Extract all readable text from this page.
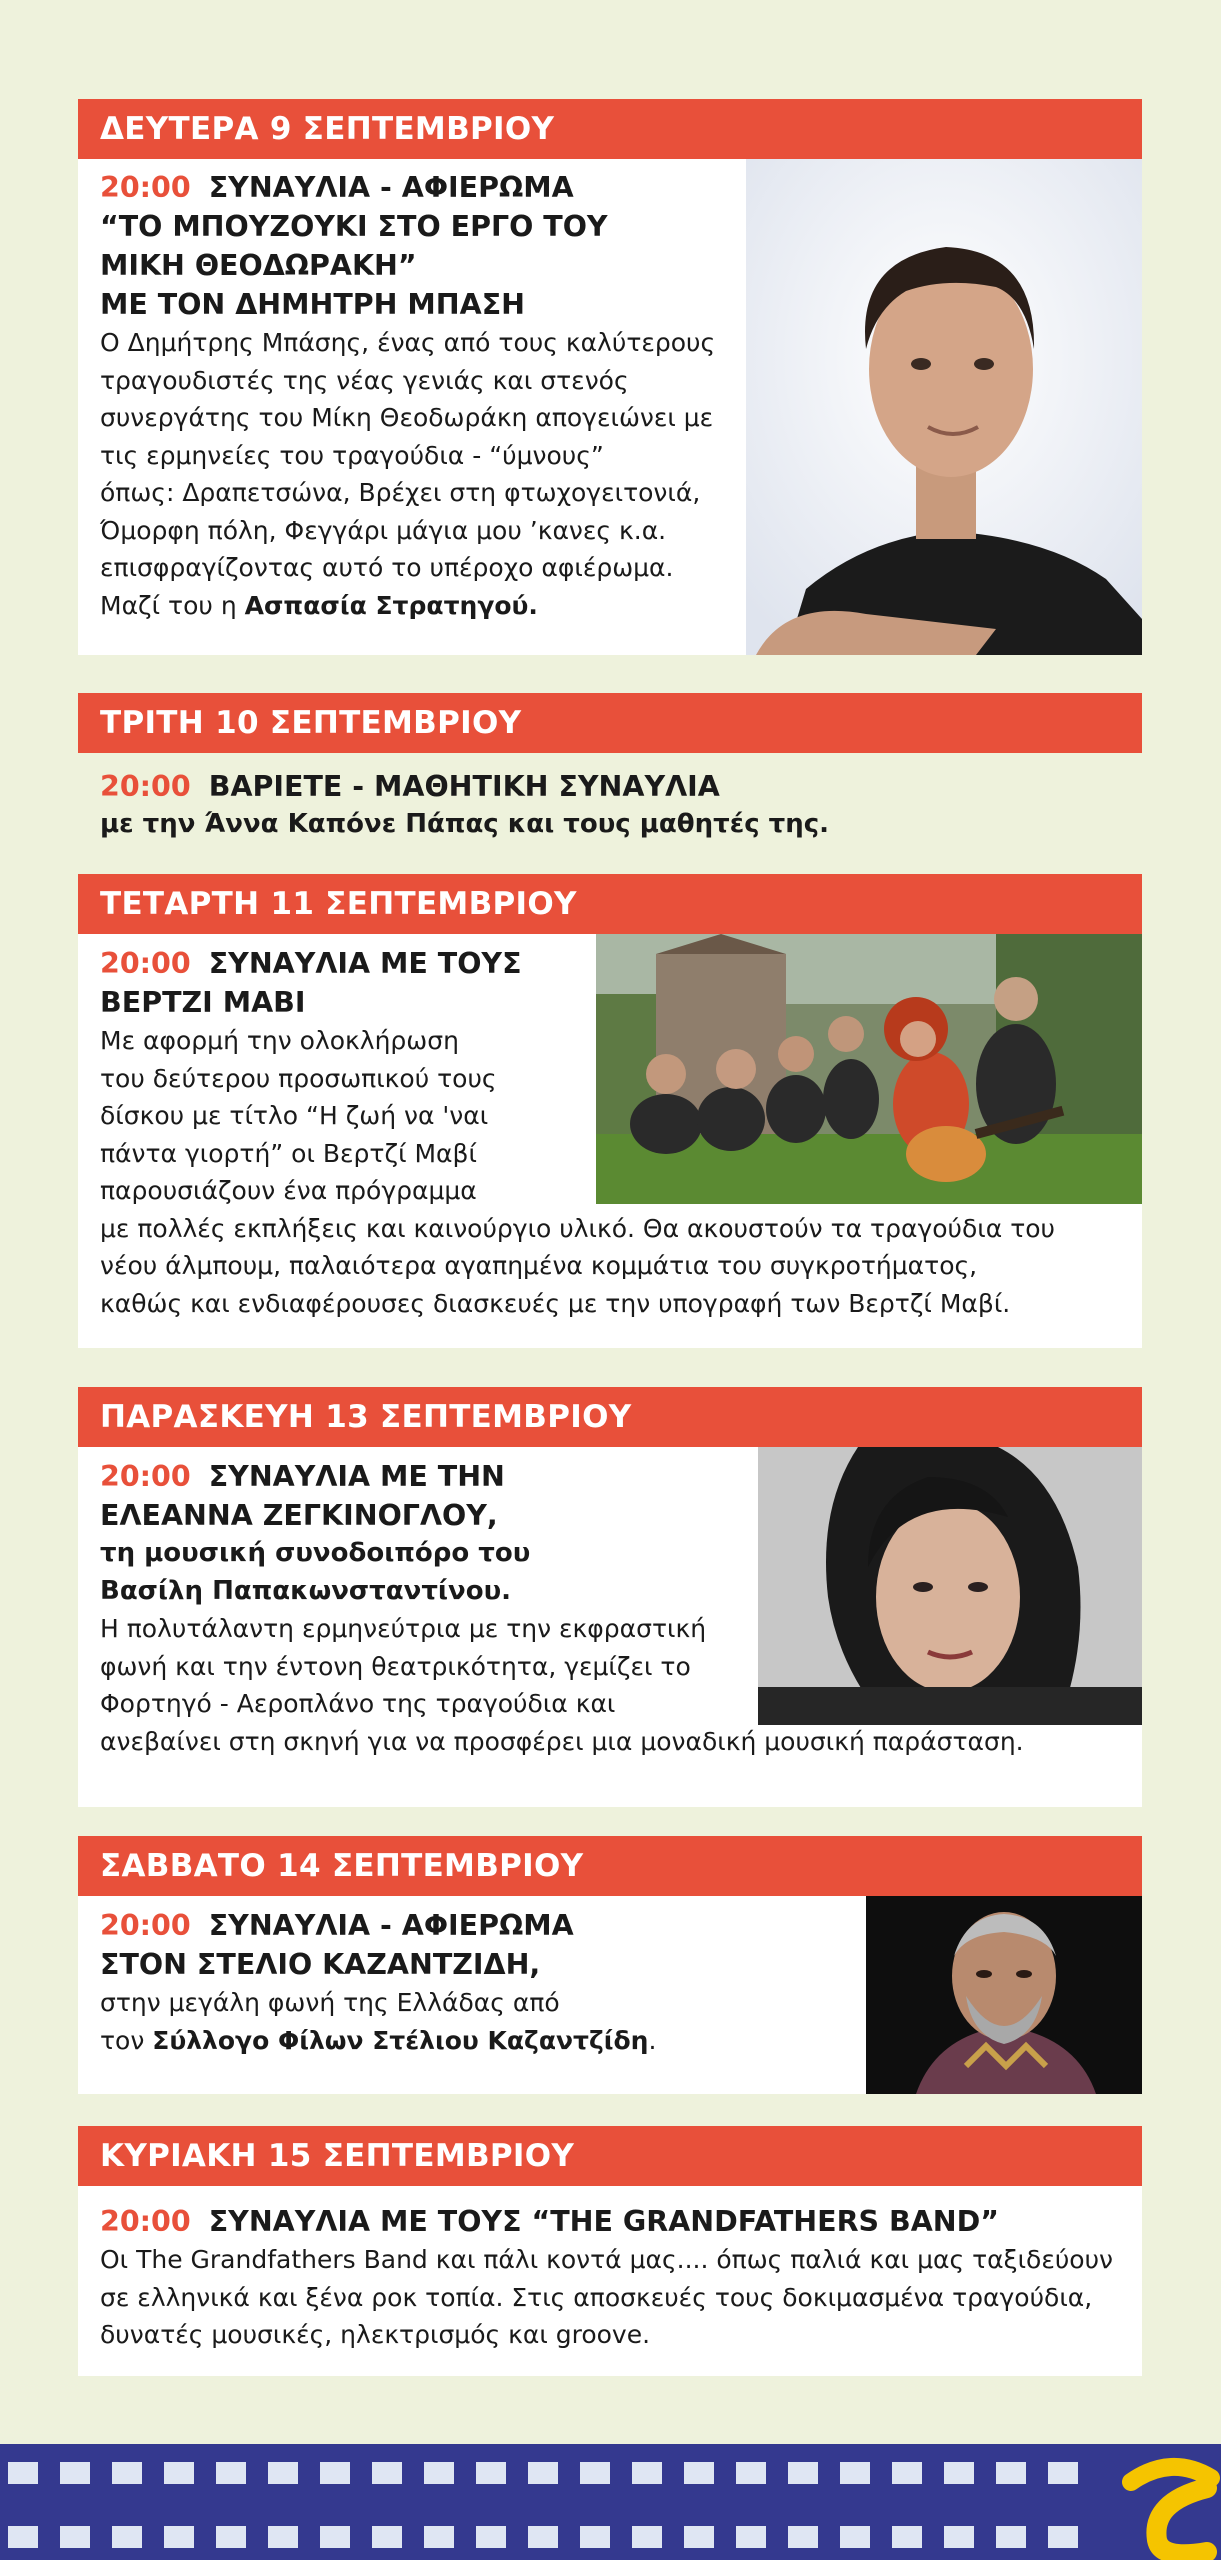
ΔΕΥΤΕΡΑ 9 ΣΕΠΤΕΜΒΡΙΟΥ
20:00 ΣΥΝΑΥΛΙΑ - ΑΦΙΕΡΩΜΑ
“ΤΟ ΜΠΟΥΖΟΥΚΙ ΣΤΟ ΕΡΓΟ ΤΟΥ
ΜΙΚΗ ΘΕΟΔΩΡΑΚΗ”
ΜΕ ΤΟΝ ΔΗΜΗΤΡΗ ΜΠΑΣΗ
Ο Δημήτρης Μπάσης, ένας από τους καλύτερους
τραγουδιστές της νέας γενιάς και στενός
συνεργάτης του Μίκη Θεοδωράκη απογειώνει με
τις ερμηνείες του τραγούδια - “ύμνους”
όπως: Δραπετσώνα, Βρέχει στη φτωχογειτονιά,
Όμορφη πόλη, Φεγγάρι μάγια μου ’κανες κ.α.
επισφραγίζοντας αυτό το υπέροχο αφιέρωμα.
Μαζί του η Ασπασία Στρατηγού.
ΤΡΙΤΗ 10 ΣΕΠΤΕΜΒΡΙΟΥ
20:00 ΒΑΡΙΕΤΕ - ΜΑΘΗΤΙΚΗ ΣΥΝΑΥΛΙΑ
με την Άννα Καπόνε Πάπας και τους μαθητές της.
ΤΕΤΑΡΤΗ 11 ΣΕΠΤΕΜΒΡΙΟΥ
20:00 ΣΥΝΑΥΛΙΑ ΜΕ ΤΟΥΣ
ΒΕΡΤΖΙ ΜΑΒΙ
Με αφορμή την ολοκλήρωση
του δεύτερου προσωπικού τους
δίσκου με τίτλο “Η ζωή να 'ναι
πάντα γιορτή” οι Βερτζί Μαβί
παρουσιάζουν ένα πρόγραμμα
με πολλές εκπλήξεις και καινούργιο υλικό. Θα ακουστούν τα τραγούδια του
νέου άλμπουμ, παλαιότερα αγαπημένα κομμάτια του συγκροτήματος,
καθώς και ενδιαφέρουσες διασκευές με την υπογραφή των Βερτζί Μαβί.
ΠΑΡΑΣΚΕΥΗ 13 ΣΕΠΤΕΜΒΡΙΟΥ
20:00 ΣΥΝΑΥΛΙΑ ΜΕ ΤΗΝ
ΕΛΕΑΝΝΑ ΖΕΓΚΙΝΟΓΛΟΥ,
τη μουσική συνοδοιπόρο του
Βασίλη Παπακωνσταντίνου.
Η πολυτάλαντη ερμηνεύτρια με την εκφραστική
φωνή και την έντονη θεατρικότητα, γεμίζει το
Φορτηγό - Αεροπλάνο της τραγούδια και
ανεβαίνει στη σκηνή για να προσφέρει μια μοναδική μουσική παράσταση.
ΣΑΒΒΑΤΟ 14 ΣΕΠΤΕΜΒΡΙΟΥ
20:00 ΣΥΝΑΥΛΙΑ - ΑΦΙΕΡΩΜΑ
ΣΤΟΝ ΣΤΕΛΙΟ ΚΑΖΑΝΤΖΙΔΗ,
στην μεγάλη φωνή της Ελλάδας από
τον Σύλλογο Φίλων Στέλιου Καζαντζίδη.
ΚΥΡΙΑΚΗ 15 ΣΕΠΤΕΜΒΡΙΟΥ
20:00 ΣΥΝΑΥΛΙΑ ΜΕ ΤΟΥΣ “THE GRANDFATHERS BAND”
Οι The Grandfathers Band και πάλι κοντά μας.... όπως παλιά και μας ταξιδεύουν
σε ελληνικά και ξένα ροκ τοπία. Στις αποσκευές τους δοκιμασμένα τραγούδια,
δυνατές μουσικές, ηλεκτρισμός και groove.
